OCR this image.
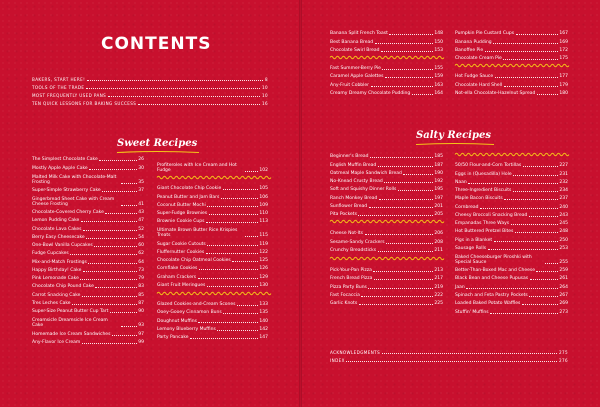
CONTENTS
BAKERS, START HERE!	8
TOOLS OF THE TRADE	10
MOST FREQUENTLY USED PANS	10
TEN QUICK LESSONS FOR BAKING SUCCESS	16
Sweet Recipes
The Simplest Chocolate Cake	26
Mostly Apple Apple Cake	30
Malted Milk Cake with Chocolate-Malt Frosting	35
Super-Simple Strawberry Cake	37
Gingerbread Sheet Cake with Cream Cheese Frosting	41
Chocolate-Covered Cherry Cake	43
Lemon Pudding Cake	47
Chocolate Lava Cakes	52
Berry Easy Cheesecake	54
One-Bowl Vanilla Cupcakes	60
Fudge Cupcakes	62
Mix-and-Match Frostings	64
Happy Birthday! Cake	73
Pink Lemonade Cake	79
Chocolate Chip Pound Cake	83
Carrot Snacking Cake	85
Tres Leches Cake	87
Super-Size Peanut Butter Cup Tart	90
Creamsicle Dreamsicle Ice Cream Cake	93
Homemade Ice Cream Sandwiches	97
Any-Flavor Ice Cream	99
Profiteroles with Ice Cream and Hot Fudge	102
Giant Chocolate Chip Cookie	105
Peanut Butter and Jam Bars	106
Coconut Butter Mochi	109
Super-Fudge Brownies	110
Brownie Cookie Cups	113
Ultimate Brown Butter Rice Krispies Treats	115
Sugar Cookie Cutouts	119
Fluffernutter Cookies	122
Chocolate Chip Oatmeal Cookies	125
Cornflake Cookies	126
Graham Crackers	129
Giant Fruit Meringues	130
Glazed Cookies-and-Cream Scones	133
Ooey-Gooey Cinnamon Buns	135
Doughnut Muffins	140
Lemony Blueberry Muffins	142
Party Pancake	147
Banana Split French Toast	148
Best Banana Bread	150
Chocolate Swirl Bread	153
Fast Summer-Berry Pie	155
Caramel Apple Galettes	159
Any-Fruit Cobbler	163
Creamy Dreamy Chocolate Pudding	164
Pumpkin Pie Custard Cups	167
Banana Pudding	169
Banoffee Pie	172
Chocolate Cream Pie	175
Hot Fudge Sauce	177
Chocolate Hard Shell	179
Not-ella Chocolate-Hazelnut Spread	180
Salty Recipes
Beginner's Bread	185
English Muffin Bread	187
Oatmeal Maple Sandwich Bread	190
No-Knead Crusty Bread	192
Soft and Squishy Dinner Rolls	195
Ranch Monkey Bread	197
Sunflower Bread	201
Pita Pockets	205
Cheese Not-Its	206
Sesame-Sandy Crackers	208
Crunchy Breadsticks	211
Pick-Your-Pan Pizza	213
French Bread Pizza	217
Pizza Party Buns	219
Fast Focaccia	222
Garlic Knots	225
50/50 Flour-and-Corn Tortillas	227
Eggs in (Quesadilla) Hole	231
Naan	232
Three-Ingredient Biscuits	234
Maple Bacon Biscuits	237
Cornbread	240
Cheesy Broccoli Snacking Bread	243
Empanadas Three Ways	245
Hot Buttered Pretzel Bites	248
Pigs in a Blanket	250
Sausage Rolls	253
Baked Cheeseburger Piroshki with Special Sauce	255
Better-Than-Boxed Mac and Cheese	259
Black Bean and Cheese Pupusas	261
Jaan	264
Spinach and Feta Pastry Pockets	267
Loaded Baked Potato Waffles	269
Stuffin' Muffins	273
ACKNOWLEDGMENTS	275
INDEX	276
